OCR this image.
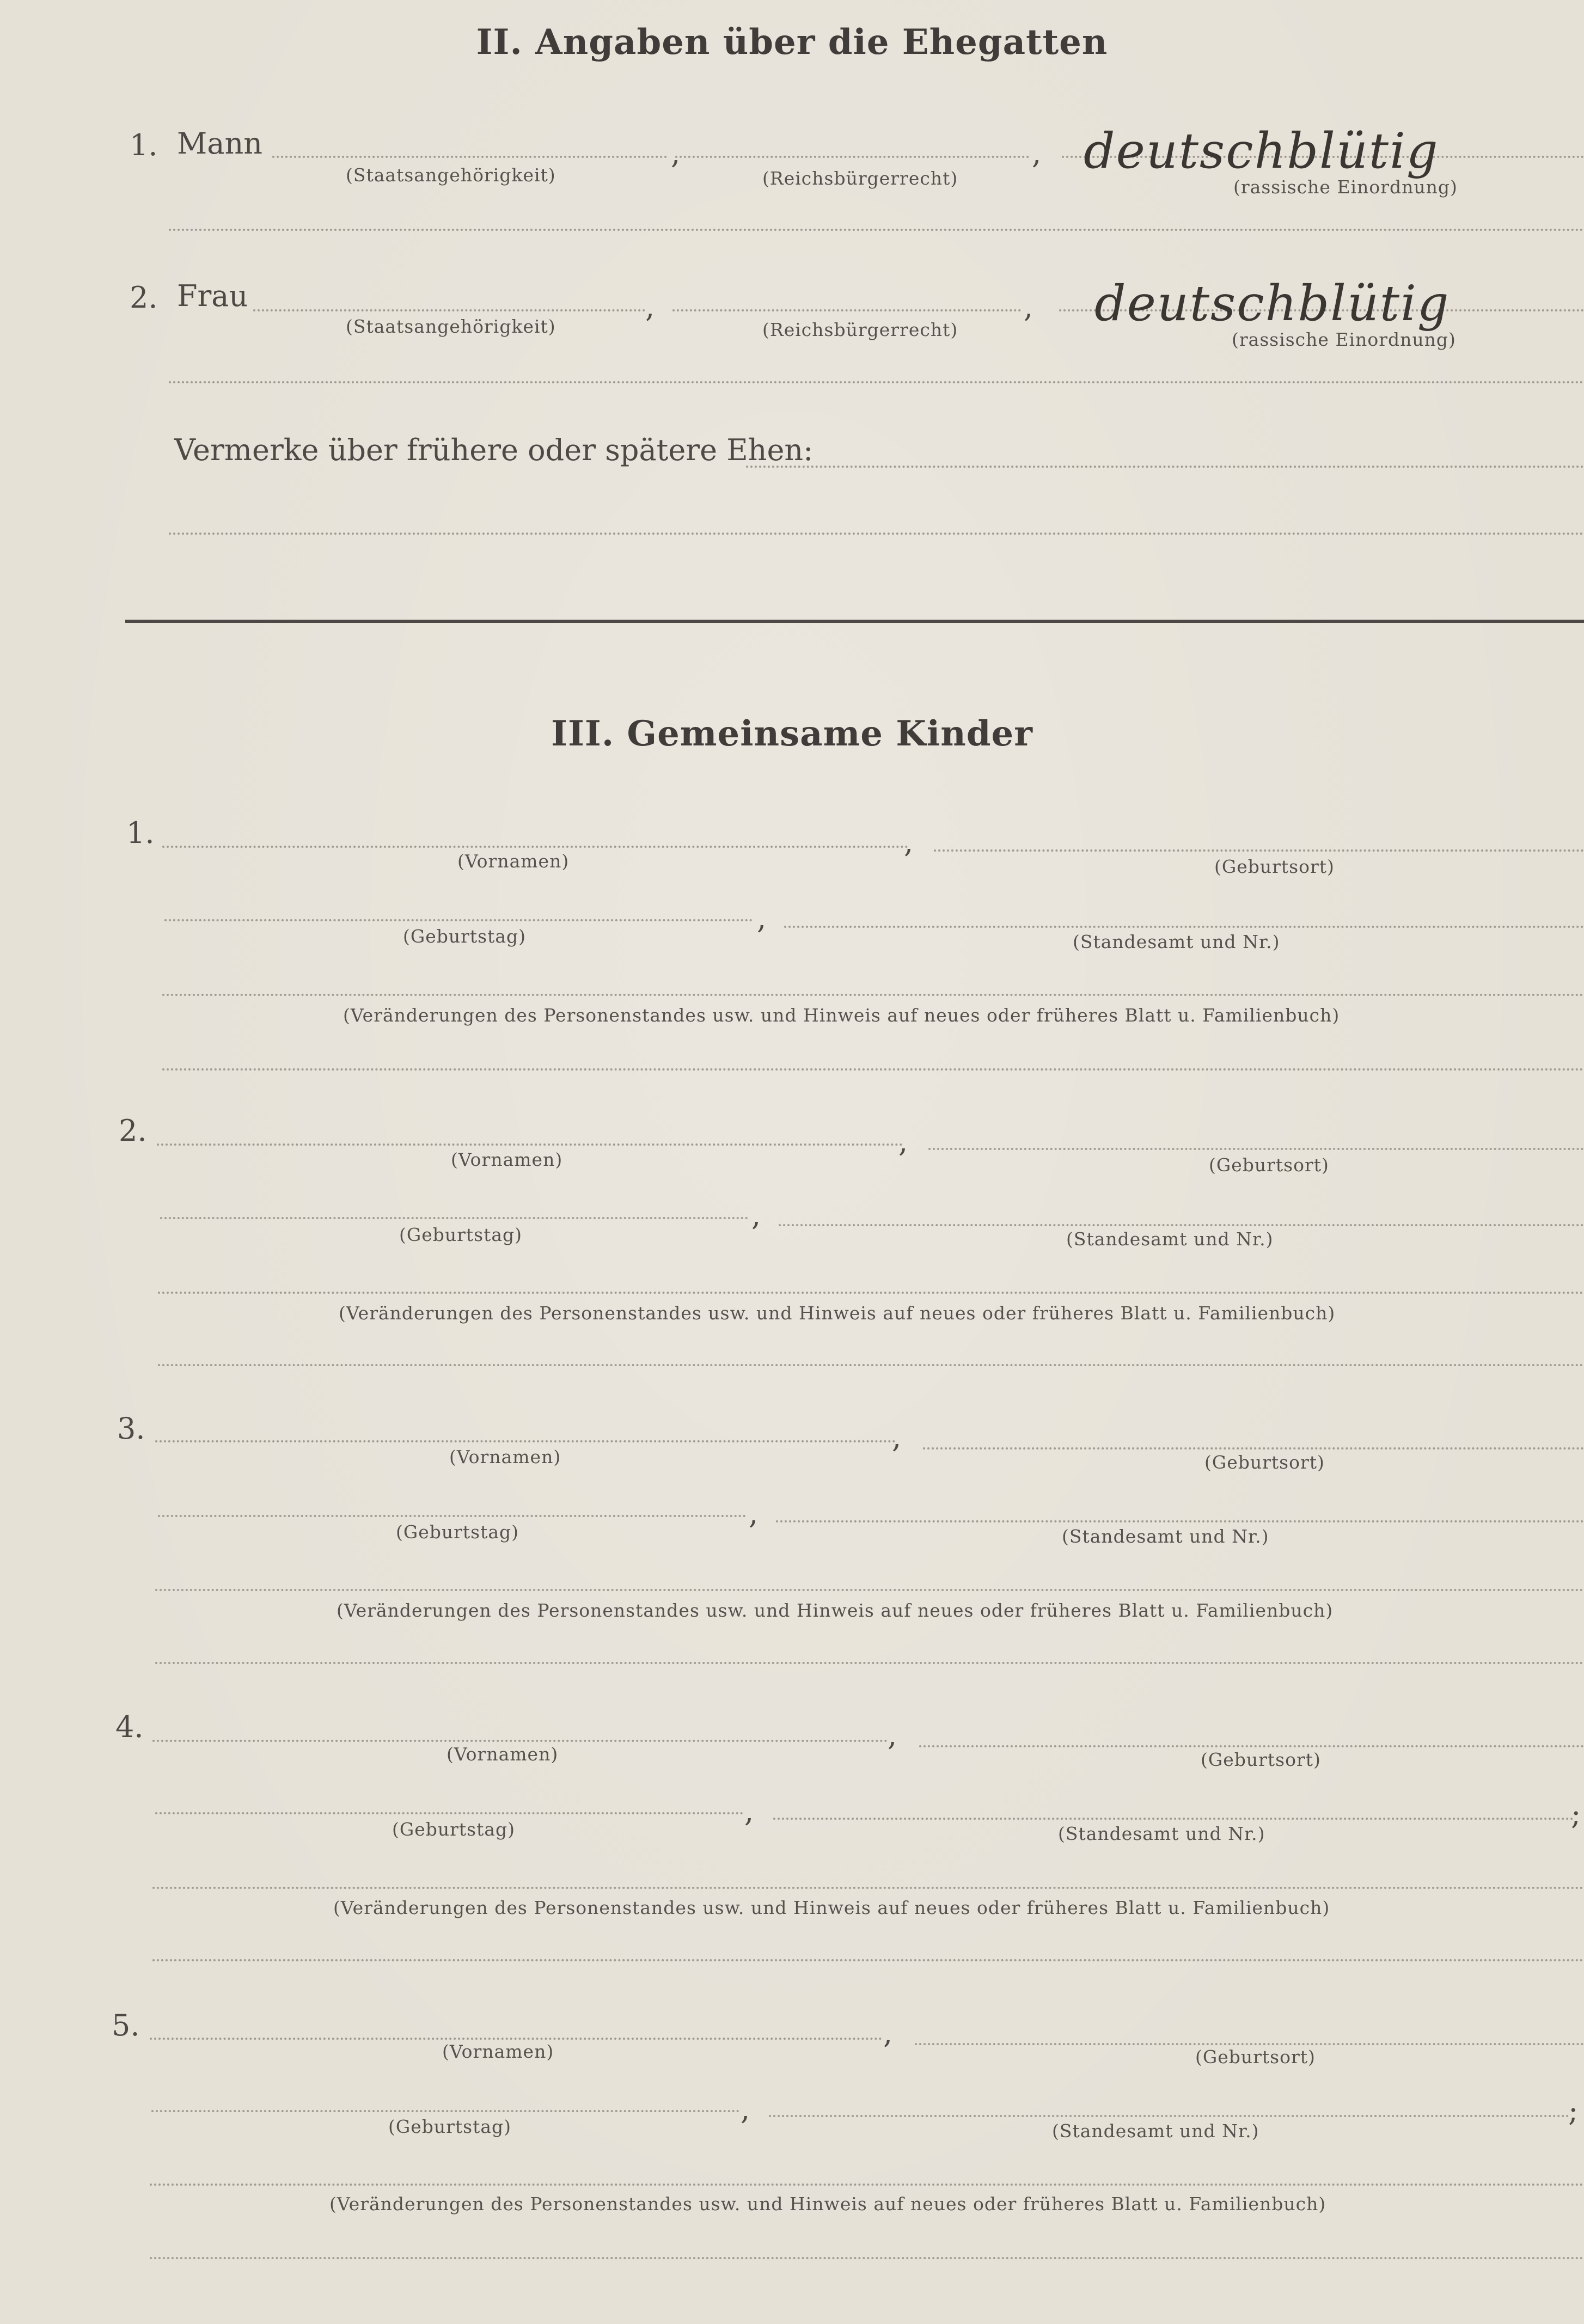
II. Angaben über die Ehegatten
1. Mann	,	, deutschblütig
(Staatsangehörigkeit)	(Reichsbürgerrecht)	(rassische Einordnung)
2. Frau	,	, deutschblütig
(Staatsangehörigkeit)	(Reichsbürgerrecht)	(rassische Einordnung)
Vermerke über frühere oder spätere Ehen:
III. Gemeinsame Kinder
1.	,
(Vornamen)	(Geburtsort)
,
(Geburtstag)	(Standesamt und Nr.)
(Veränderungen des Personenstandes usw. und Hinweis auf neues oder früheres Blatt u. Familienbuch)
2.	,
(Vornamen)	(Geburtsort)
,
(Geburtstag)	(Standesamt und Nr.)
(Veränderungen des Personenstandes usw. und Hinweis auf neues oder früheres Blatt u. Familienbuch)
3.	,
(Vornamen)	(Geburtsort)
,
(Geburtstag)	(Standesamt und Nr.)
(Veränderungen des Personenstandes usw. und Hinweis auf neues oder früheres Blatt u. Familienbuch)
4.	,
(Vornamen)	(Geburtsort)
,	;
(Geburtstag)	(Standesamt und Nr.)
(Veränderungen des Personenstandes usw. und Hinweis auf neues oder früheres Blatt u. Familienbuch)
5.	,
(Vornamen)	(Geburtsort)
,	;
(Geburtstag)	(Standesamt und Nr.)
(Veränderungen des Personenstandes usw. und Hinweis auf neues oder früheres Blatt u. Familienbuch)
